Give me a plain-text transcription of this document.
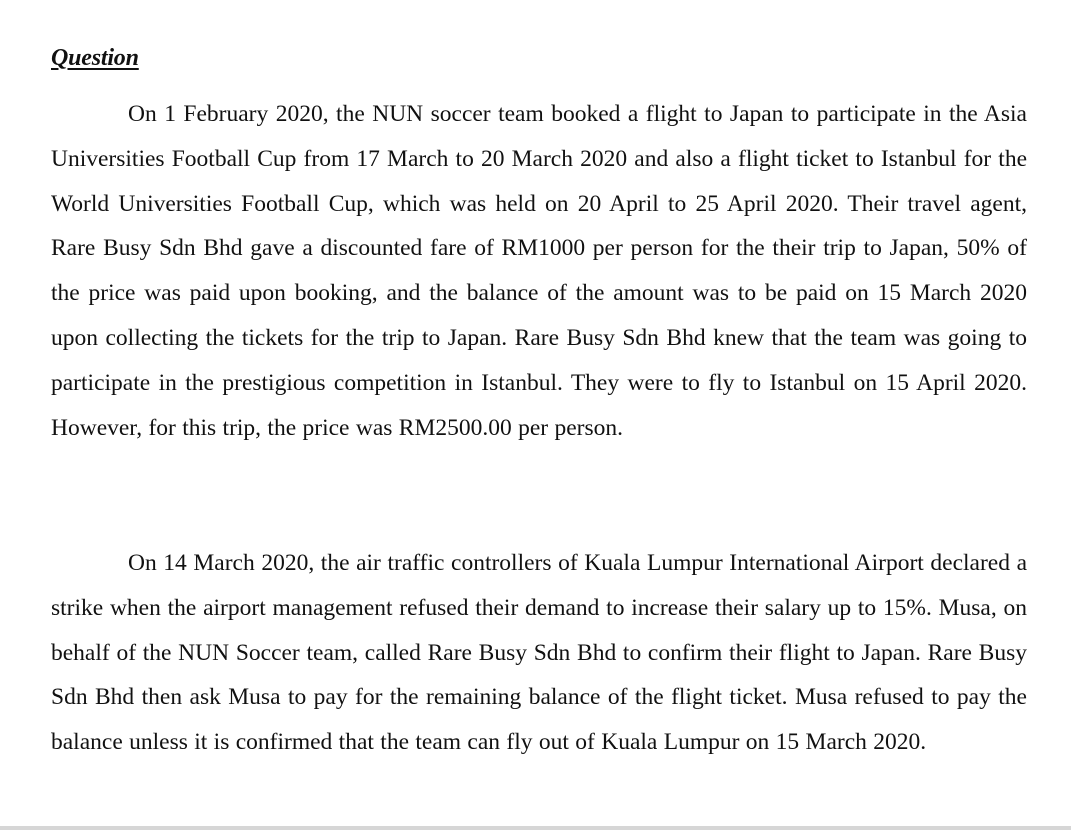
Question

On 1 February 2020, the NUN soccer team booked a flight to Japan to participate in the Asia Universities Football Cup from 17 March to 20 March 2020 and also a flight ticket to Istanbul for the World Universities Football Cup, which was held on 20 April to 25 April 2020. Their travel agent, Rare Busy Sdn Bhd gave a discounted fare of RM1000 per person for the their trip to Japan, 50% of the price was paid upon booking, and the balance of the amount was to be paid on 15 March 2020 upon collecting the tickets for the trip to Japan. Rare Busy Sdn Bhd knew that the team was going to participate in the prestigious competition in Istanbul. They were to fly to Istanbul on 15 April 2020. However, for this trip, the price was RM2500.00 per person.

On 14 March 2020, the air traffic controllers of Kuala Lumpur International Airport declared a strike when the airport management refused their demand to increase their salary up to 15%. Musa, on behalf of the NUN Soccer team, called Rare Busy Sdn Bhd to confirm their flight to Japan. Rare Busy Sdn Bhd then ask Musa to pay for the remaining balance of the flight ticket. Musa refused to pay the balance unless it is confirmed that the team can fly out of Kuala Lumpur on 15 March 2020.
